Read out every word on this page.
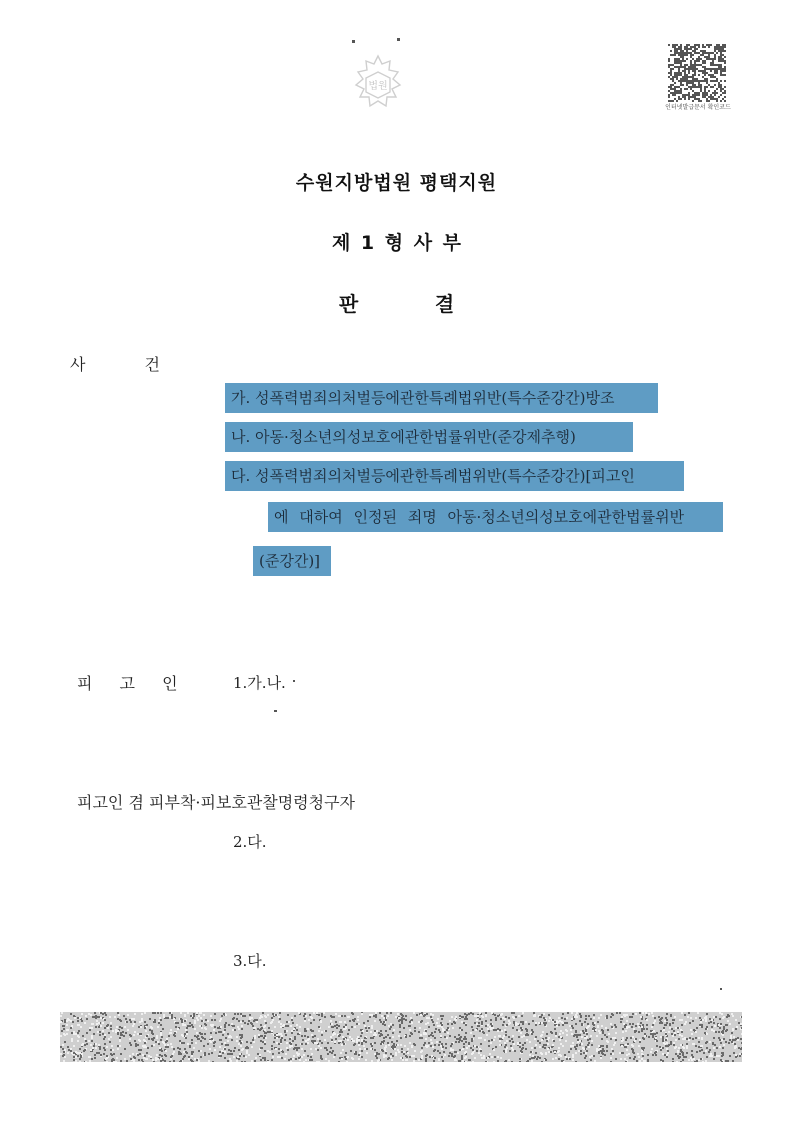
법원
인터넷발급문서 확인코드
수원지방법원 평택지원
제 1 형 사 부
판	결
사 건
가. 성폭력범죄의처벌등에관한특례법위반(특수준강간)방조
나. 아동·청소년의성보호에관한법률위반(준강제추행)
다. 성폭력범죄의처벌등에관한특례법위반(특수준강간)[피고인
에 대하여 인정된 죄명 아동·청소년의성보호에관한법률위반
(준강간)]
피 고 인	1.가.나.
피고인 겸 피부착·피보호관찰명령청구자
2.다.
3.다.
